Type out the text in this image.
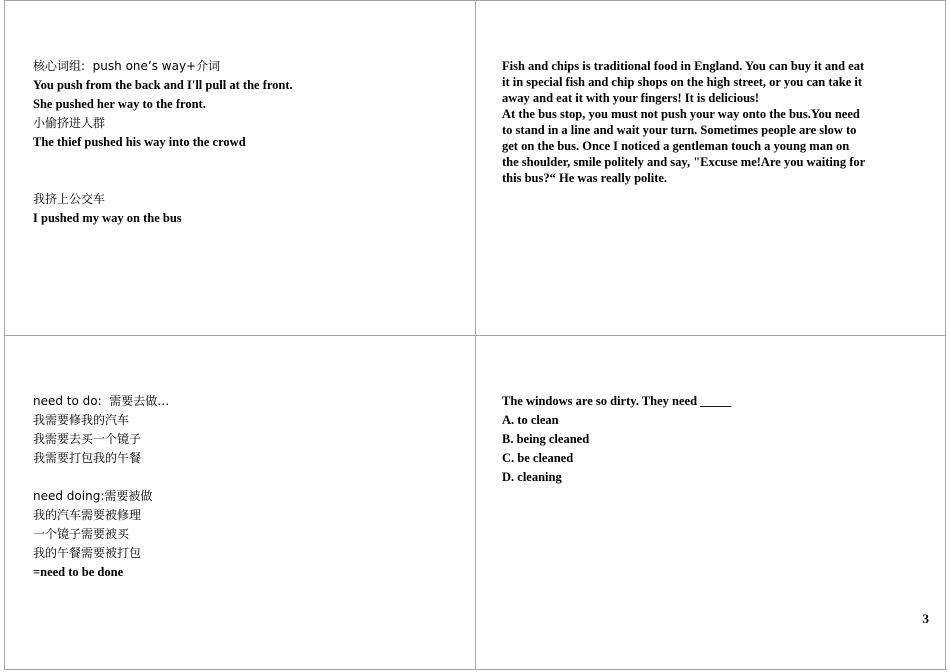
核心词组:  push one’s way+介词
You push from the back and I'll pull at the front.
She pushed her way to the front.
小偷挤进人群
The thief pushed his way into the crowd
我挤上公交车
I pushed my way on the bus
Fish and chips is traditional food in England. You can buy it and eat
it in special fish and chip shops on the high street, or you can take it
away and eat it with your fingers! It is delicious!
At the bus stop, you must not push your way onto the bus.You need
to stand in a line and wait your turn. Sometimes people are slow to
get on the bus. Once I noticed a gentleman touch a young man on
the shoulder, smile politely and say, "Excuse me!Are you waiting for
this bus?“ He was really polite.
need to do:  需要去做…
我需要修我的汽车
我需要去买一个镜子
我需要打包我的午餐
need doing:需要被做
我的汽车需要被修理
一个镜子需要被买
我的午餐需要被打包
=need to be done
The windows are so dirty. They need _____
A. to clean
B. being cleaned
C. be cleaned
D. cleaning
3
